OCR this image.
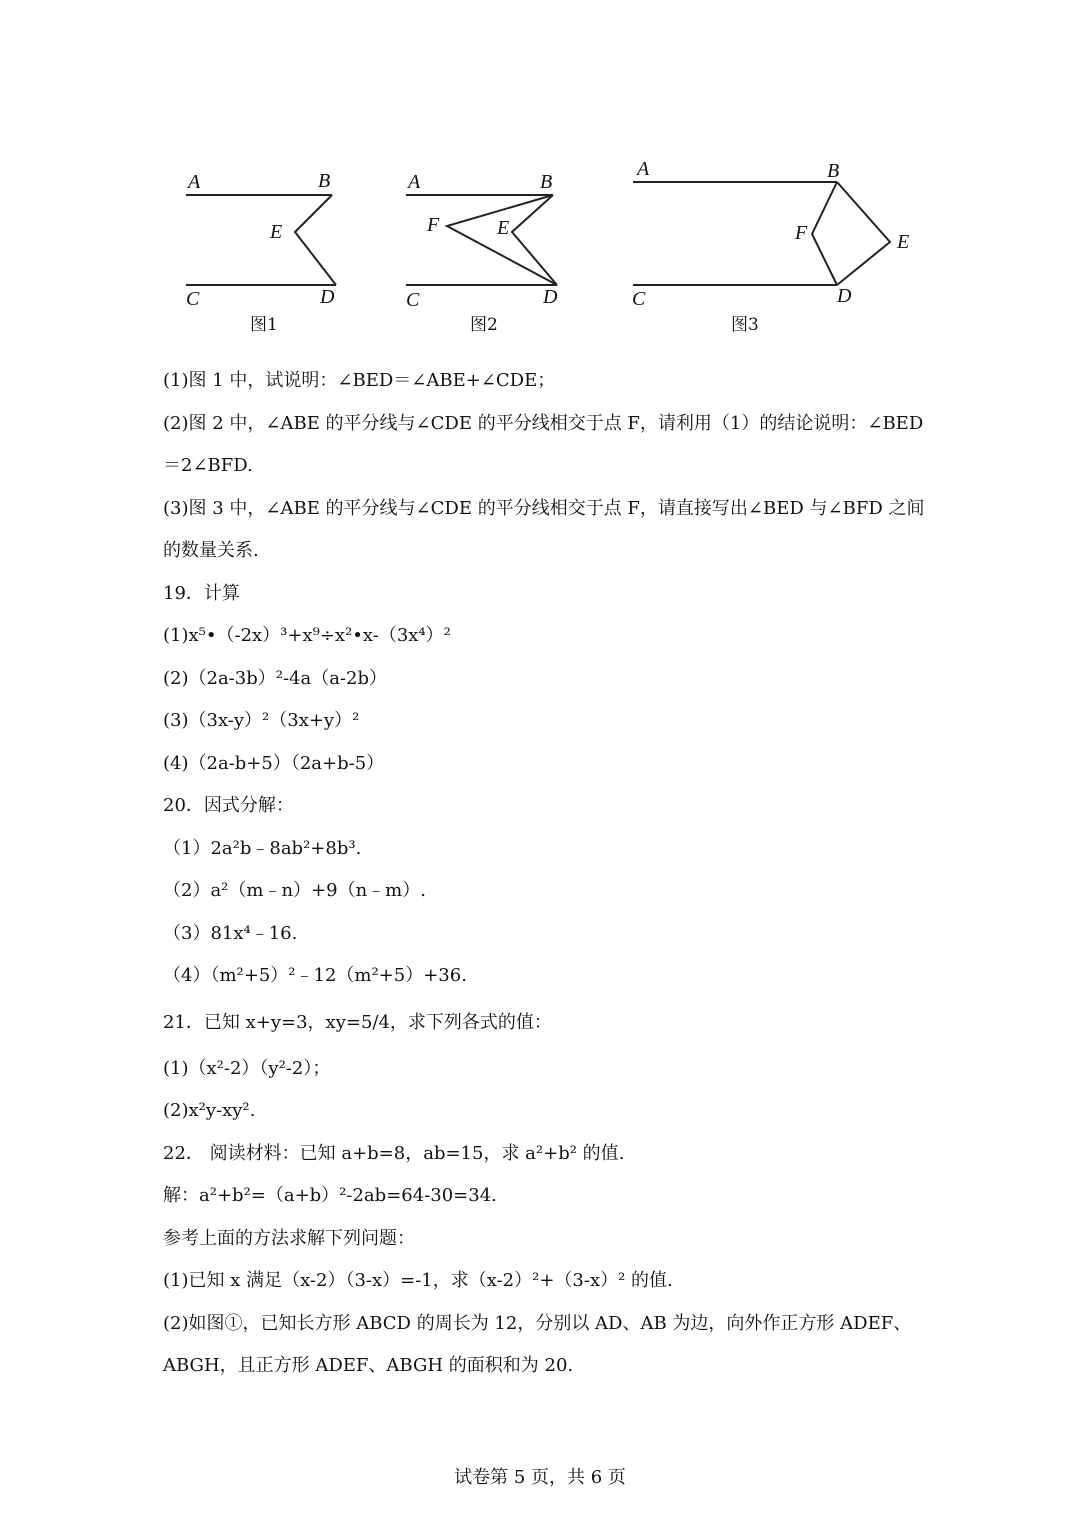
A	B
E
C	D
图1
A	B
F	E
C	D
图2
A	B
F	E
C	D
图3
(1)图 1 中，试说明：∠BED＝∠ABE+∠CDE；
(2)图 2 中，∠ABE 的平分线与∠CDE 的平分线相交于点 F，请利用（1）的结论说明：∠BED
＝2∠BFD.
(3)图 3 中，∠ABE 的平分线与∠CDE 的平分线相交于点 F，请直接写出∠BED 与∠BFD 之间
的数量关系.
19．计算
(1)x⁵•（-2x）³+x⁹÷x²•x-（3x⁴）²
(2)（2a-3b）²-4a（a-2b）
(3)（3x-y）²（3x+y）²
(4)（2a-b+5）（2a+b-5）
20．因式分解：
（1）2a²b﹣8ab²+8b³.
（2）a²（m﹣n）+9（n﹣m）.
（3）81x⁴﹣16.
（4）（m²+5）²﹣12（m²+5）+36.
21．已知 x+y=3，xy=5/4，求下列各式的值：
(1)（x²-2）（y²-2）；
(2)x²y-xy².
22． 阅读材料：已知 a+b=8，ab=15，求 a²+b² 的值.
解：a²+b²=（a+b）²-2ab=64-30=34.
参考上面的方法求解下列问题：
(1)已知 x 满足（x-2）（3-x）=-1，求（x-2）²+（3-x）² 的值.
(2)如图①，已知长方形 ABCD 的周长为 12，分别以 AD、AB 为边，向外作正方形 ADEF、
ABGH，且正方形 ADEF、ABGH 的面积和为 20.
试卷第 5 页，共 6 页
